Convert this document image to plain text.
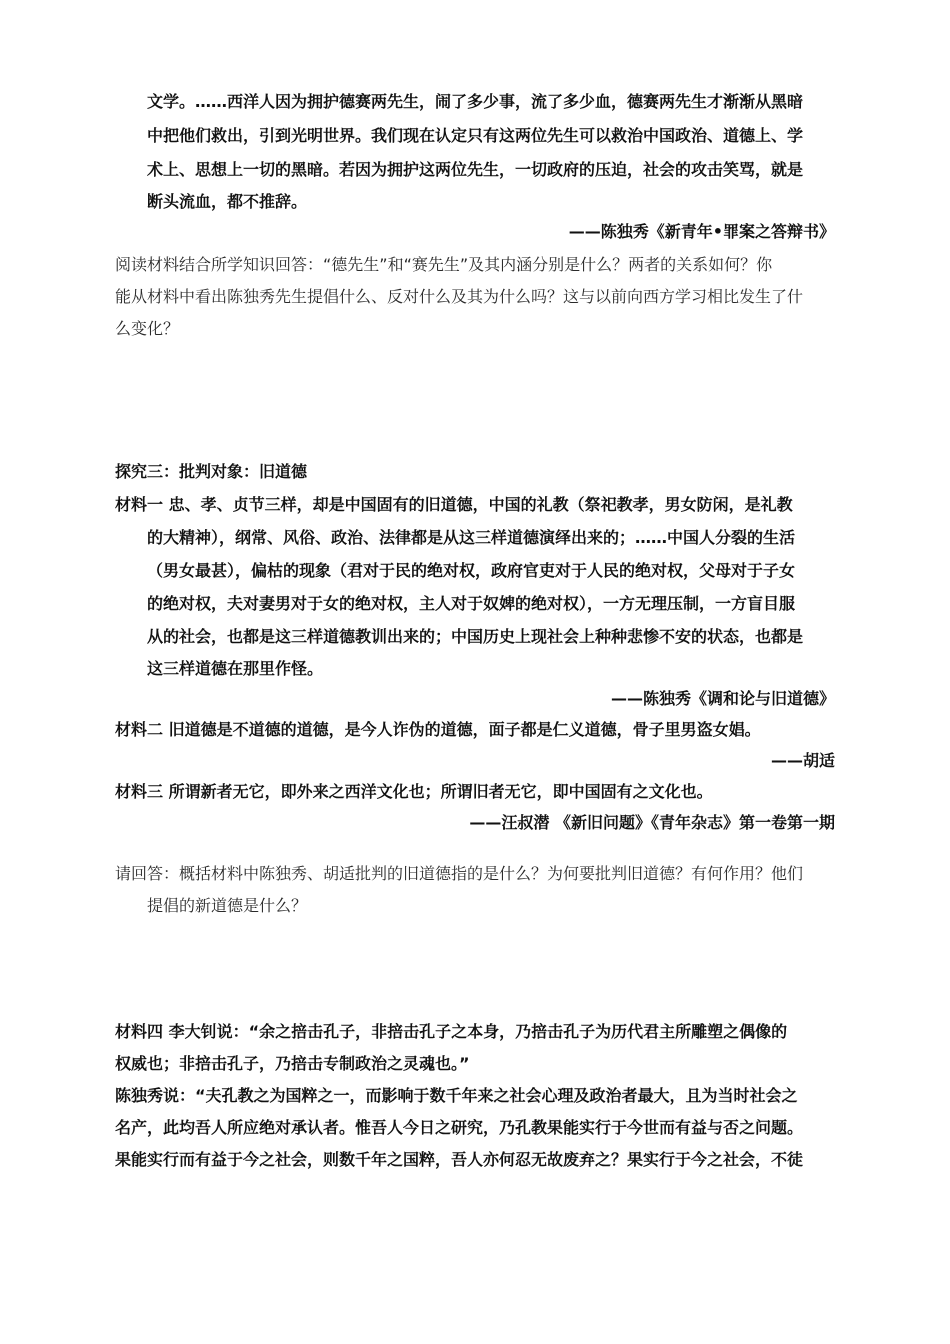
文学。……西洋人因为拥护德赛两先生，闹了多少事，流了多少血，德赛两先生才渐渐从黑暗
中把他们救出，引到光明世界。我们现在认定只有这两位先生可以救治中国政治、道德上、学
术上、思想上一切的黑暗。若因为拥护这两位先生，一切政府的压迫，社会的攻击笑骂，就是
断头流血，都不推辞。
——陈独秀《新青年•罪案之答辩书》
阅读材料结合所学知识回答：“德先生”和“赛先生”及其内涵分别是什么？两者的关系如何？你
能从材料中看出陈独秀先生提倡什么、反对什么及其为什么吗？这与以前向西方学习相比发生了什
么变化？
探究三：批判对象：旧道德
材料一 忠、孝、贞节三样，却是中国固有的旧道德，中国的礼教（祭祀教孝，男女防闲，是礼教
的大精神），纲常、风俗、政治、法律都是从这三样道德演绎出来的；……中国人分裂的生活
（男女最甚），偏枯的现象（君对于民的绝对权，政府官吏对于人民的绝对权，父母对于子女
的绝对权，夫对妻男对于女的绝对权，主人对于奴婢的绝对权），一方无理压制，一方盲目服
从的社会，也都是这三样道德教训出来的；中国历史上现社会上种种悲惨不安的状态，也都是
这三样道德在那里作怪。
——陈独秀《调和论与旧道德》
材料二 旧道德是不道德的道德，是今人诈伪的道德，面子都是仁义道德，骨子里男盗女娼。
——胡适
材料三 所谓新者无它，即外来之西洋文化也；所谓旧者无它，即中国固有之文化也。
——汪叔潜 《新旧问题》《青年杂志》第一卷第一期
请回答：概括材料中陈独秀、胡适批判的旧道德指的是什么？为何要批判旧道德？有何作用？他们
提倡的新道德是什么？
材料四 李大钊说：“余之掊击孔子，非掊击孔子之本身，乃掊击孔子为历代君主所雕塑之偶像的
权威也；非掊击孔子，乃掊击专制政治之灵魂也。”
陈独秀说：“夫孔教之为国粹之一，而影响于数千年来之社会心理及政治者最大，且为当时社会之
名产，此均吾人所应绝对承认者。惟吾人今日之研究，乃孔教果能实行于今世而有益与否之问题。
果能实行而有益于今之社会，则数千年之国粹，吾人亦何忍无故废弃之？果实行于今之社会，不徒
